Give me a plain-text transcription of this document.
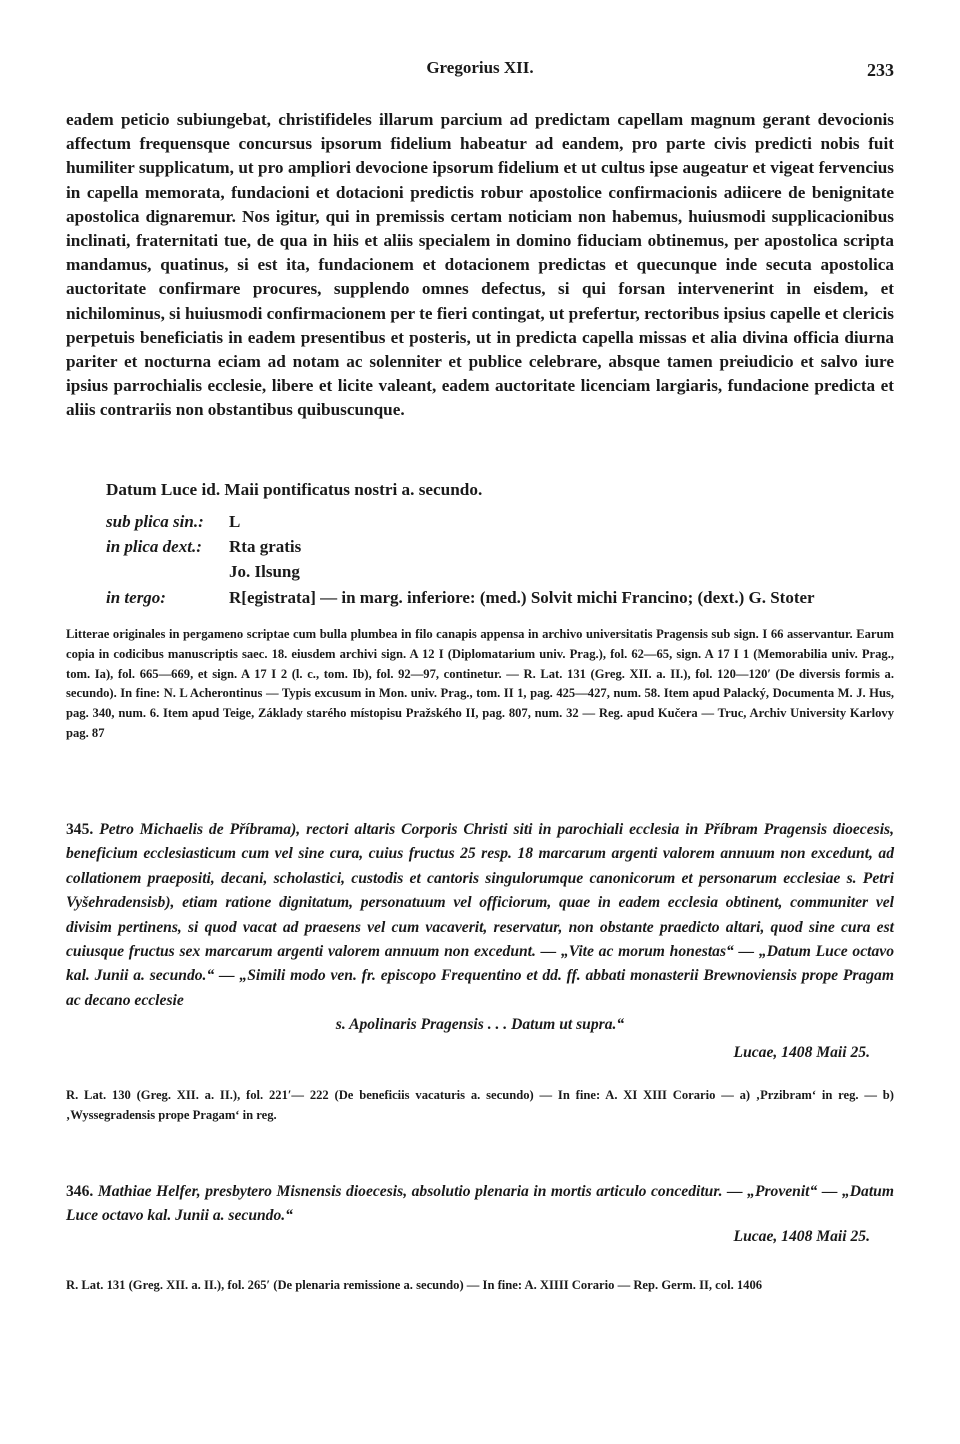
Gregorius XII.	233

eadem peticio subiungebat, christifideles illarum parcium ad predictam capellam magnum gerant devocionis affectum frequensque concursus ipsorum fidelium habeatur ad eandem, pro parte civis predicti nobis fuit humiliter supplicatum, ut pro ampliori devocione ipsorum fidelium et ut cultus ipse augeatur et vigeat fervencius in capella memorata, fundacioni et dotacioni predictis robur apostolice confirmacionis adiicere de benignitate apostolica dignaremur. Nos igitur, qui in premissis certam noticiam non habemus, huiusmodi supplicacionibus inclinati, fraternitati tue, de qua in hiis et aliis specialem in domino fiduciam obtinemus, per apostolica scripta mandamus, quatinus, si est ita, fundacionem et dotacionem predictas et quecunque inde secuta apostolica auctoritate confirmare procures, supplendo omnes defectus, si qui forsan intervenerint in eisdem, et nichilominus, si huiusmodi confirmacionem per te fieri contingat, ut prefertur, rectoribus ipsius capelle et clericis perpetuis beneficiatis in eadem presentibus et posteris, ut in predicta capella missas et alia divina officia diurna pariter et nocturna eciam ad notam ac solenniter et publice celebrare, absque tamen preiudicio et salvo iure ipsius parrochialis ecclesie, libere et licite valeant, eadem auctoritate licenciam largiaris, fundacione predicta et aliis contrariis non obstantibus quibuscunque.

Datum Luce id. Maii pontificatus nostri a. secundo.
sub plica sin.: L
in plica dext.: Rta gratis
Jo. Ilsung
in tergo:	R[egistrata] — in marg. inferiore: (med.) Solvit michi Francino; (dext.) G. Stoter
Litterae originales in pergameno scriptae cum bulla plumbea in filo canapis appensa in archivo universitatis Pragensis sub sign. I 66 asservantur. Earum copia in codicibus manuscriptis saec. 18. eiusdem archivi sign. A 12 I (Diplomatarium univ. Prag.), fol. 62—65, sign. A 17 I 1 (Memorabilia univ. Prag., tom. Ia), fol. 665—669, et sign. A 17 I 2 (l. c., tom. Ib), fol. 92—97, continetur. — R. Lat. 131 (Greg. XII. a. II.), fol. 120—120′ (De diversis formis a. secundo). In fine: N. L Acherontinus — Typis excusum in Mon. univ. Prag., tom. II 1, pag. 425—427, num. 58. Item apud Palacký, Documenta M. J. Hus, pag. 340, num. 6. Item apud Teige, Základy starého místopisu Pražského II, pag. 807, num. 32 — Reg. apud Kučera — Truc, Archiv University Karlovy pag. 87
345. Petro Michaelis de Příbrama), rectori altaris Corporis Christi siti in parochiali ecclesia in Příbram Pragensis dioecesis, beneficium ecclesiasticum cum vel sine cura, cuius fructus 25 resp. 18 marcarum argenti valorem annuum non excedunt, ad collationem praepositi, decani, scholastici, custodis et cantoris singulorumque canonicorum et personarum ecclesiae s. Petri Vyšehradensisb), etiam ratione dignitatum, personatuum vel officiorum, quae in eadem ecclesia obtinent, communiter vel divisim pertinens, si quod vacat ad praesens vel cum vacaverit, reservatur, non obstante praedicto altari, quod sine cura est cuiusque fructus sex marcarum argenti valorem annuum non excedunt. — „Vite ac morum honestas“ — „Datum Luce octavo kal. Junii a. secundo.“ — „Simili modo ven. fr. episcopo Frequentino et dd. ff. abbati monasterii Brewnoviensis prope Pragam ac decano ecclesie
s. Apolinaris Pragensis . . . Datum ut supra.“
Lucae, 1408 Maii 25.
R. Lat. 130 (Greg. XII. a. II.), fol. 221′— 222 (De beneficiis vacaturis a. secundo) — In fine: A. XI XIII Corario — a) ‚Przibram‘ in reg. — b) ‚Wyssegradensis prope Pragam‘ in reg.
346. Mathiae Helfer, presbytero Misnensis dioecesis, absolutio plenaria in mortis articulo conceditur. — „Provenit“ — „Datum Luce octavo kal. Junii a. secundo.“
Lucae, 1408 Maii 25.
R. Lat. 131 (Greg. XII. a. II.), fol. 265′ (De plenaria remissione a. secundo) — In fine: A. XIIII Corario — Rep. Germ. II, col. 1406
